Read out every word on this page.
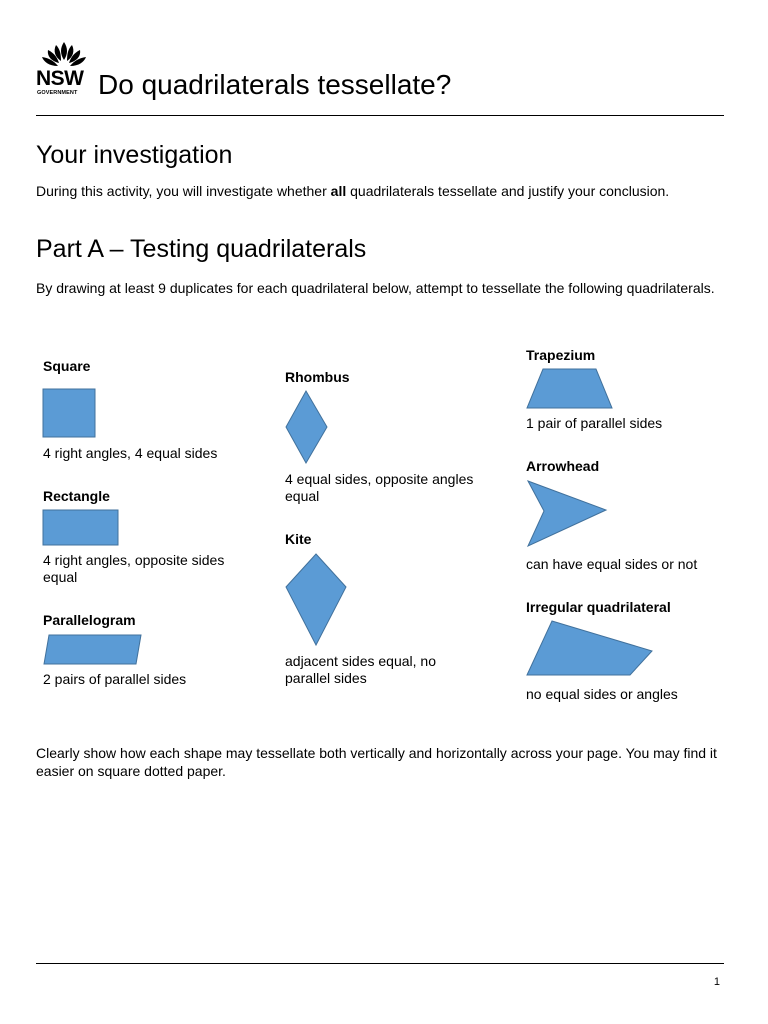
NSW
GOVERNMENT Do quadrilaterals tessellate?
Your investigation
During this activity, you will investigate whether all quadrilaterals tessellate and justify your conclusion.
Part A – Testing quadrilaterals
By drawing at least 9 duplicates for each quadrilateral below, attempt to tessellate the following quadrilaterals.
Square
4 right angles, 4 equal sides
Rectangle
4 right angles, opposite sides equal
Parallelogram
2 pairs of parallel sides
Rhombus
4 equal sides, opposite angles equal
Kite
adjacent sides equal, no parallel sides
Trapezium
1 pair of parallel sides
Arrowhead
can have equal sides or not
Irregular quadrilateral
no equal sides or angles
Clearly show how each shape may tessellate both vertically and horizontally across your page. You may find it easier on square dotted paper.
1
